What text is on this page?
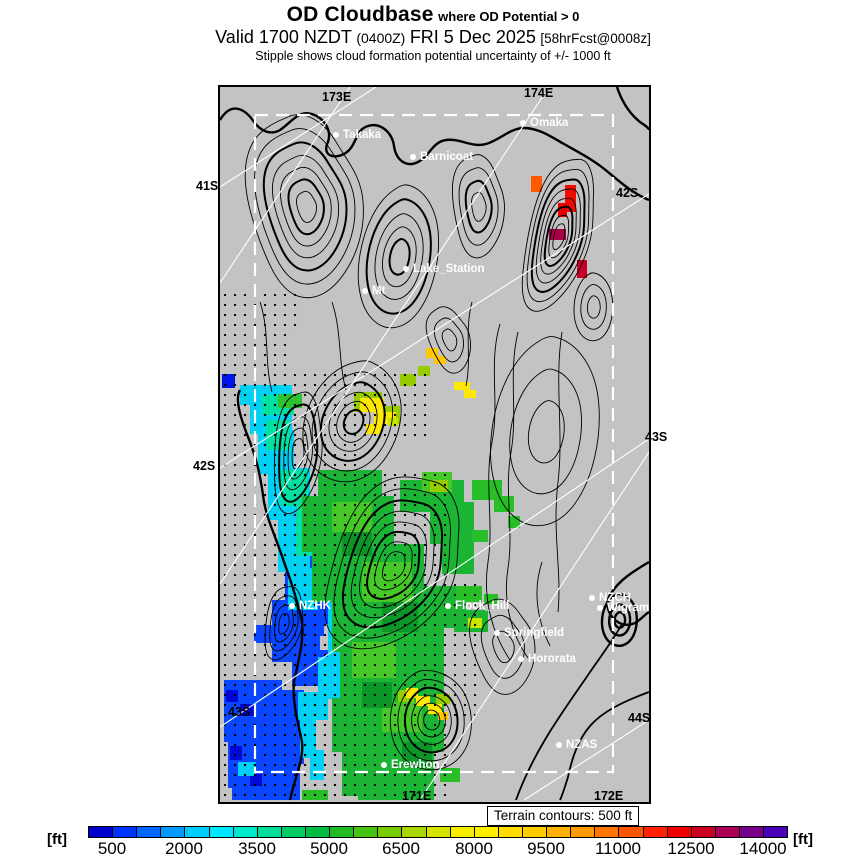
OD Cloudbase where OD Potential > 0
Valid 1700 NZDT (0400Z) FRI 5 Dec 2025 [58hrFcst@0008z]
Stipple shows cloud formation potential uncertainty of +/- 1000 ft
Takaka
Barnicoat
Omaka
Lake_Station
Mt
NZHK	Flock_Hill
NZCH
Wigram
Springfield
Hororata
NZAS
Erewhon
173E	174E
171E	172E
41S
42S
42S
43S
43S
44S
Terrain contours: 500 ft
[ft]	[ft]
500	2000	3500	5000	6500	8000	9500	11000	12500	14000
